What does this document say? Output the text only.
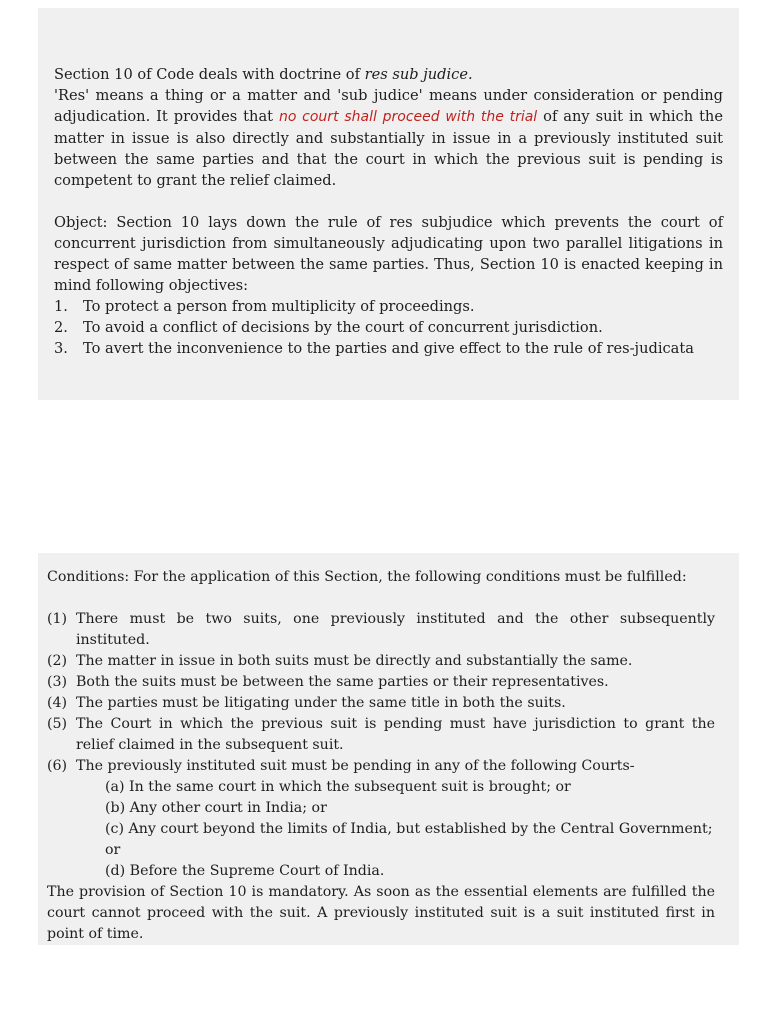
Section 10 of Code deals with doctrine of res sub judice.

'Res' means a thing or a matter and 'sub judice' means under consideration or pending adjudication. It provides that no court shall proceed with the trial of any suit in which the matter in issue is also directly and substantially in issue in a previously instituted suit between the same parties and that the court in which the previous suit is pending is competent to grant the relief claimed.

Object: Section 10 lays down the rule of res subjudice which prevents the court of concurrent jurisdiction from simultaneously adjudicating upon two parallel litigations in respect of same matter between the same parties. Thus, Section 10 is enacted keeping in mind following objectives:

1.	To protect a person from multiplicity of proceedings.
2.	To avoid a conflict of decisions by the court of concurrent jurisdiction.
3.	To avert the inconvenience to the parties and give effect to the rule of res-judicata

Conditions: For the application of this Section, the following conditions must be fulfilled:

(1) There must be two suits, one previously instituted and the other subsequently instituted.
(2) The matter in issue in both suits must be directly and substantially the same.
(3) Both the suits must be between the same parties or their representatives.
(4) The parties must be litigating under the same title in both the suits.
(5) The Court in which the previous suit is pending must have jurisdiction to grant the relief claimed in the subsequent suit.
(6) The previously instituted suit must be pending in any of the following Courts-
(a) In the same court in which the subsequent suit is brought; or
(b) Any other court in India; or
(c) Any court beyond the limits of India, but established by the Central Government; or
(d) Before the Supreme Court of India.

The provision of Section 10 is mandatory. As soon as the essential elements are fulfilled the court cannot proceed with the suit. A previously instituted suit is a suit instituted first in point of time.
